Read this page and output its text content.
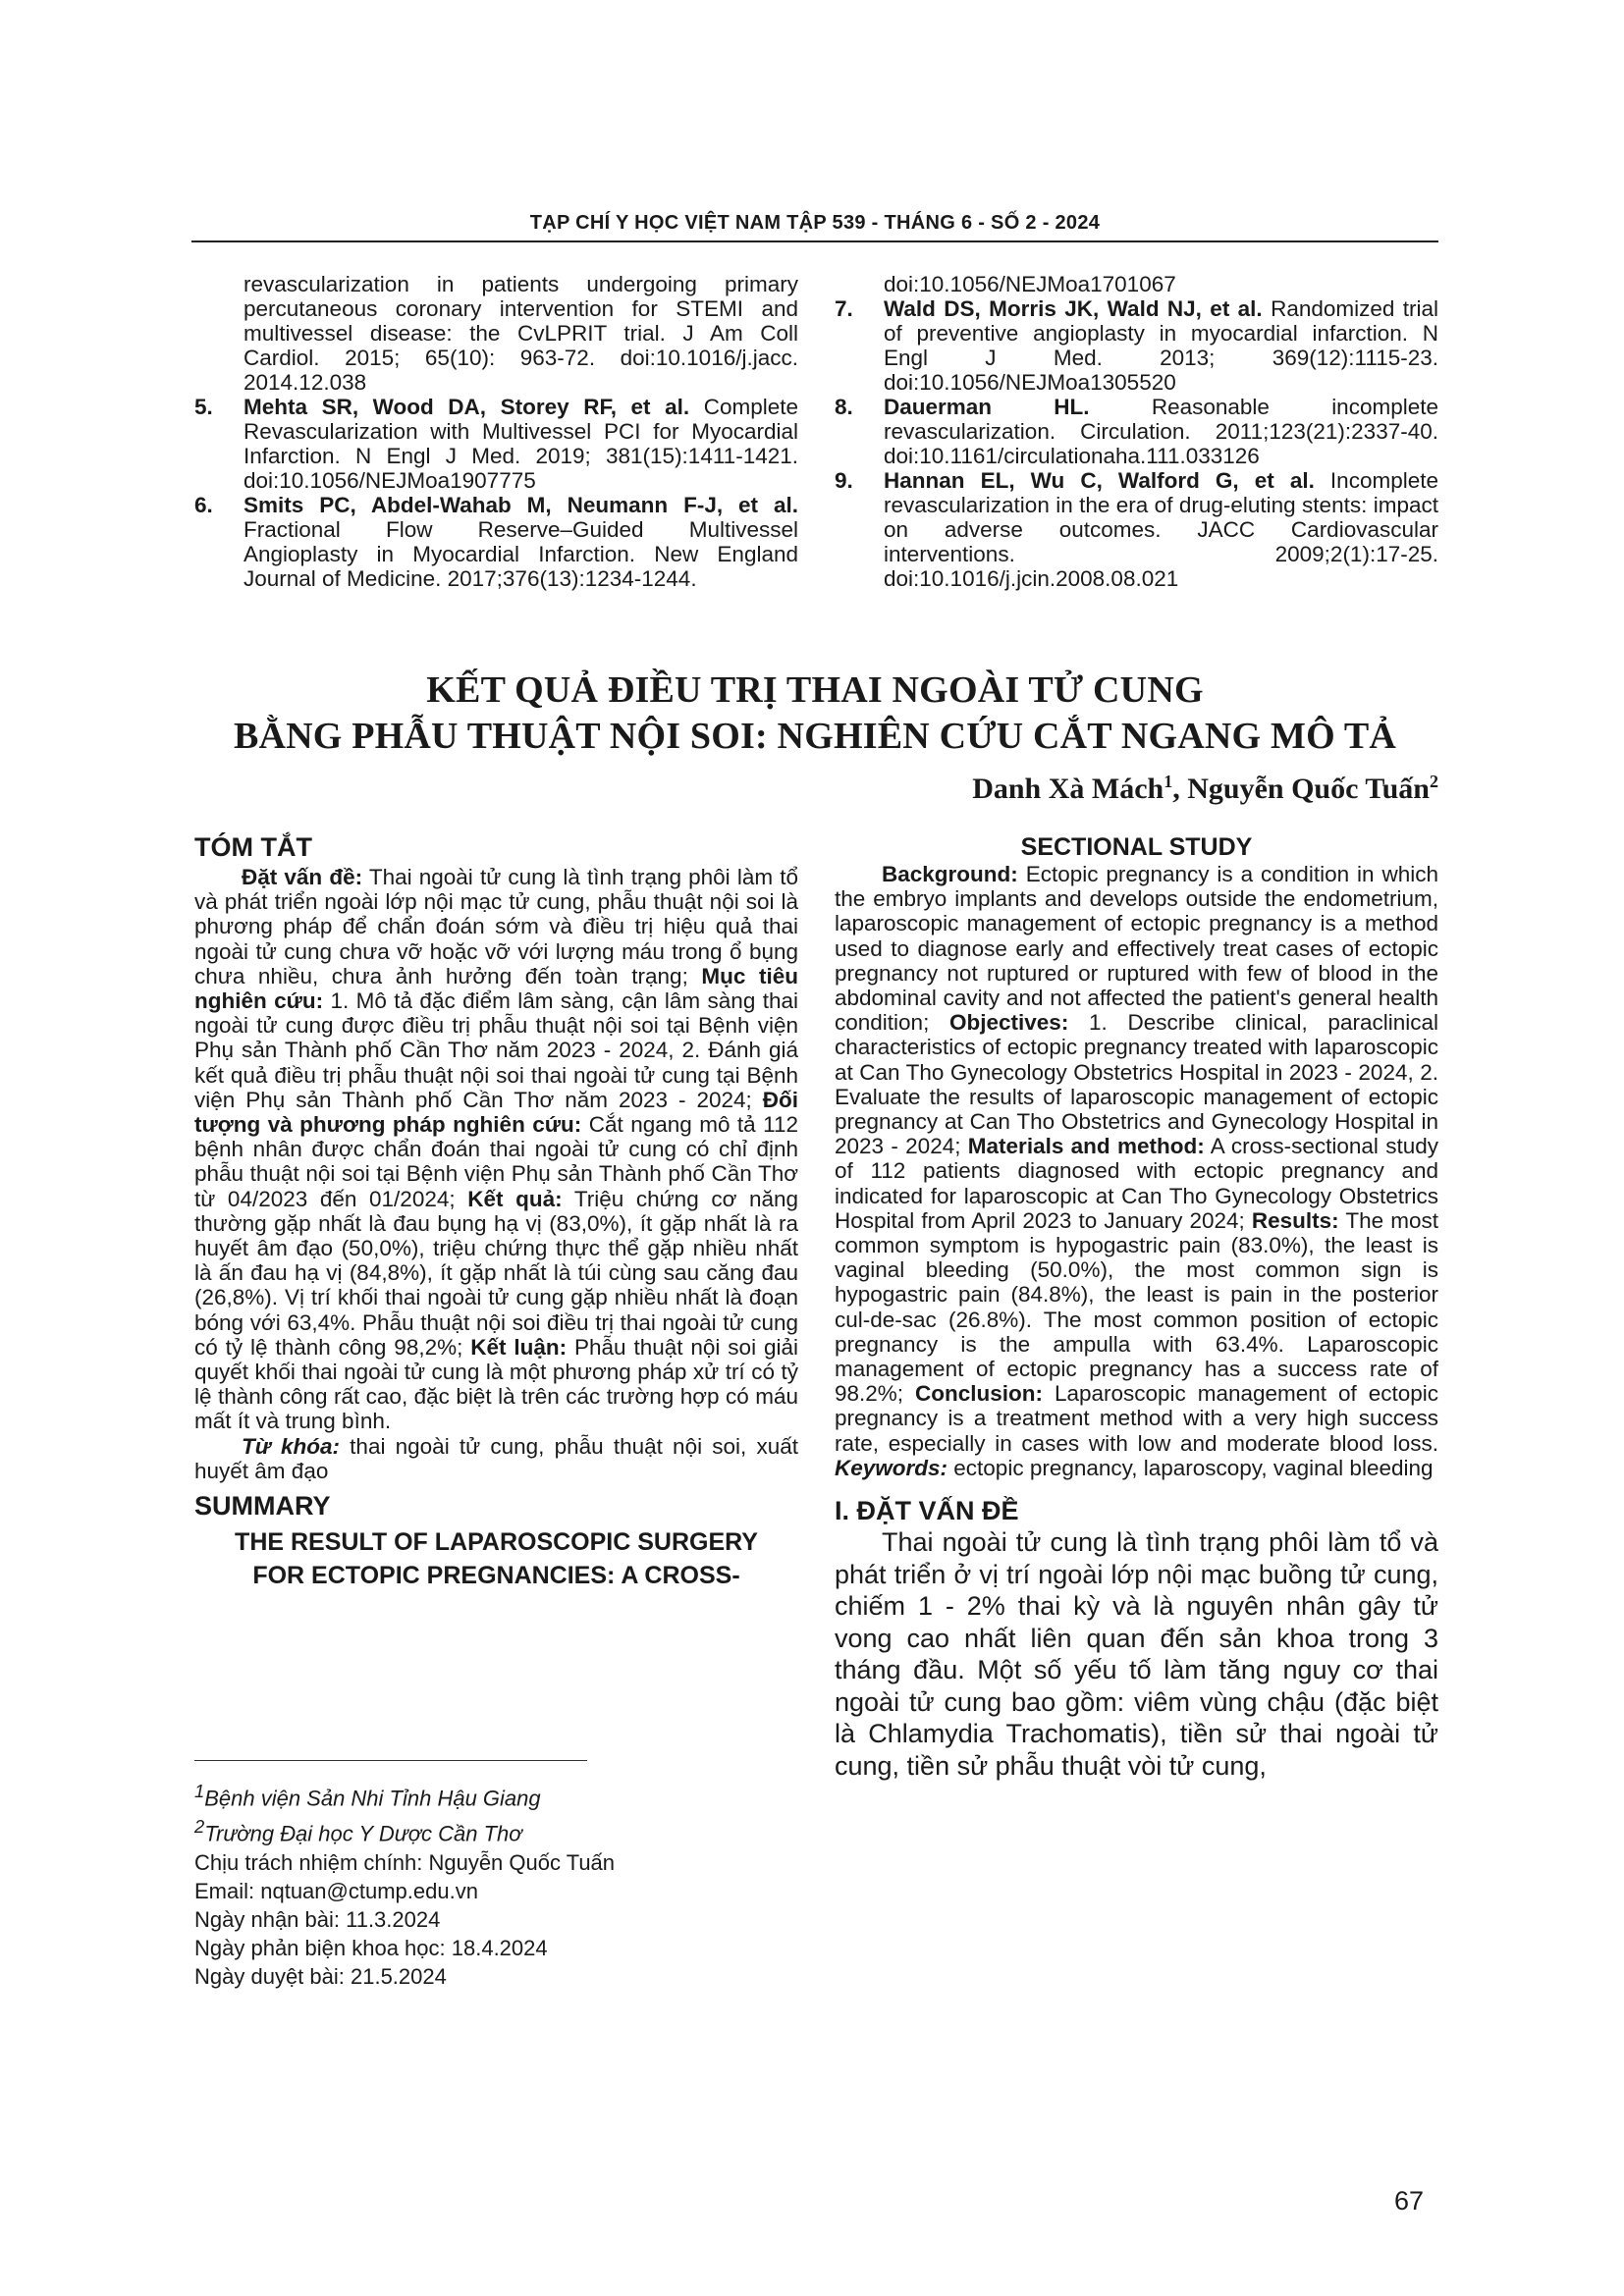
TẠP CHÍ Y HỌC VIỆT NAM TẬP 539 - THÁNG 6 - SỐ 2 - 2024
revascularization in patients undergoing primary percutaneous coronary intervention for STEMI and multivessel disease: the CvLPRIT trial. J Am Coll Cardiol. 2015; 65(10): 963-72. doi:10.1016/j.jacc. 2014.12.038
5.	Mehta SR, Wood DA, Storey RF, et al. Complete Revascularization with Multivessel PCI for Myocardial Infarction. N Engl J Med. 2019; 381(15):1411-1421. doi:10.1056/NEJMoa1907775
6.	Smits PC, Abdel-Wahab M, Neumann F-J, et al. Fractional Flow Reserve–Guided Multivessel Angioplasty in Myocardial Infarction. New England Journal of Medicine. 2017;376(13):1234-1244.
doi:10.1056/NEJMoa1701067
7.	Wald DS, Morris JK, Wald NJ, et al. Randomized trial of preventive angioplasty in myocardial infarction. N Engl J Med. 2013; 369(12):1115-23. doi:10.1056/NEJMoa1305520
8.	Dauerman HL. Reasonable incomplete revascularization. Circulation. 2011;123(21):2337-40. doi:10.1161/circulationaha.111.033126
9.	Hannan EL, Wu C, Walford G, et al. Incomplete revascularization in the era of drug-eluting stents: impact on adverse outcomes. JACC Cardiovascular interventions. 2009;2(1):17-25. doi:10.1016/j.jcin.2008.08.021
KẾT QUẢ ĐIỀU TRỊ THAI NGOÀI TỬ CUNG
BẰNG PHẪU THUẬT NỘI SOI: NGHIÊN CỨU CẮT NGANG MÔ TẢ
Danh Xà Mách$^1$, Nguyễn Quốc Tuấn$^2$
TÓM TẮT

Đặt vấn đề: Thai ngoài tử cung là tình trạng phôi làm tổ và phát triển ngoài lớp nội mạc tử cung, phẫu thuật nội soi là phương pháp để chẩn đoán sớm và điều trị hiệu quả thai ngoài tử cung chưa vỡ hoặc vỡ với lượng máu trong ổ bụng chưa nhiều, chưa ảnh hưởng đến toàn trạng; Mục tiêu nghiên cứu: 1. Mô tả đặc điểm lâm sàng, cận lâm sàng thai ngoài tử cung được điều trị phẫu thuật nội soi tại Bệnh viện Phụ sản Thành phố Cần Thơ năm 2023 - 2024, 2. Đánh giá kết quả điều trị phẫu thuật nội soi thai ngoài tử cung tại Bệnh viện Phụ sản Thành phố Cần Thơ năm 2023 - 2024; Đối tượng và phương pháp nghiên cứu: Cắt ngang mô tả 112 bệnh nhân được chẩn đoán thai ngoài tử cung có chỉ định phẫu thuật nội soi tại Bệnh viện Phụ sản Thành phố Cần Thơ từ 04/2023 đến 01/2024; Kết quả: Triệu chứng cơ năng thường gặp nhất là đau bụng hạ vị (83,0%), ít gặp nhất là ra huyết âm đạo (50,0%), triệu chứng thực thể gặp nhiều nhất là ấn đau hạ vị (84,8%), ít gặp nhất là túi cùng sau căng đau (26,8%). Vị trí khối thai ngoài tử cung gặp nhiều nhất là đoạn bóng với 63,4%. Phẫu thuật nội soi điều trị thai ngoài tử cung có tỷ lệ thành công 98,2%; Kết luận: Phẫu thuật nội soi giải quyết khối thai ngoài tử cung là một phương pháp xử trí có tỷ lệ thành công rất cao, đặc biệt là trên các trường hợp có máu mất ít và trung bình.

Từ khóa: thai ngoài tử cung, phẫu thuật nội soi, xuất huyết âm đạo

SUMMARY
THE RESULT OF LAPAROSCOPIC SURGERY
FOR ECTOPIC PREGNANCIES: A CROSS-
$^1$Bệnh viện Sản Nhi Tỉnh Hậu Giang
$^2$Trường Đại học Y Dược Cần Thơ
Chịu trách nhiệm chính: Nguyễn Quốc Tuấn
Email: nqtuan@ctump.edu.vn
Ngày nhận bài: 11.3.2024
Ngày phản biện khoa học: 18.4.2024
Ngày duyệt bài: 21.5.2024
SECTIONAL STUDY

Background: Ectopic pregnancy is a condition in which the embryo implants and develops outside the endometrium, laparoscopic management of ectopic pregnancy is a method used to diagnose early and effectively treat cases of ectopic pregnancy not ruptured or ruptured with few of blood in the abdominal cavity and not affected the patient's general health condition; Objectives: 1. Describe clinical, paraclinical characteristics of ectopic pregnancy treated with laparoscopic at Can Tho Gynecology Obstetrics Hospital in 2023 - 2024, 2. Evaluate the results of laparoscopic management of ectopic pregnancy at Can Tho Obstetrics and Gynecology Hospital in 2023 - 2024; Materials and method: A cross-sectional study of 112 patients diagnosed with ectopic pregnancy and indicated for laparoscopic at Can Tho Gynecology Obstetrics Hospital from April 2023 to January 2024; Results: The most common symptom is hypogastric pain (83.0%), the least is vaginal bleeding (50.0%), the most common sign is hypogastric pain (84.8%), the least is pain in the posterior cul-de-sac (26.8%). The most common position of ectopic pregnancy is the ampulla with 63.4%. Laparoscopic management of ectopic pregnancy has a success rate of 98.2%; Conclusion: Laparoscopic management of ectopic pregnancy is a treatment method with a very high success rate, especially in cases with low and moderate blood loss. Keywords: ectopic pregnancy, laparoscopy, vaginal bleeding

I. ĐẶT VẤN ĐỀ

Thai ngoài tử cung là tình trạng phôi làm tổ và phát triển ở vị trí ngoài lớp nội mạc buồng tử cung, chiếm 1 - 2% thai kỳ và là nguyên nhân gây tử vong cao nhất liên quan đến sản khoa trong 3 tháng đầu. Một số yếu tố làm tăng nguy cơ thai ngoài tử cung bao gồm: viêm vùng chậu (đặc biệt là Chlamydia Trachomatis), tiền sử thai ngoài tử cung, tiền sử phẫu thuật vòi tử cung,

67
